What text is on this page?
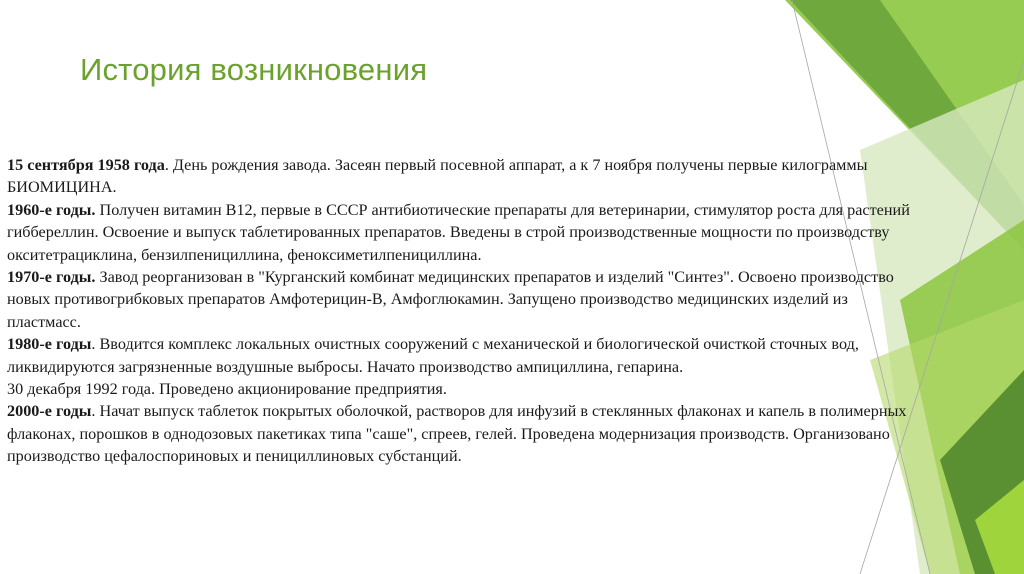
История возникновения

15 сентября 1958 года. День рождения завода. Засеян первый посевной аппарат, а к 7 ноября получены первые килограммы БИОМИЦИНА.

1960-е годы. Получен витамин В12, первые в СССР антибиотические препараты для ветеринарии, стимулятор роста для растений гиббереллин. Освоение и выпуск таблетированных препаратов. Введены в строй производственные мощности по производству окситетрациклина, бензилпенициллина, феноксиметилпенициллина.

1970-е годы. Завод реорганизован в "Курганский комбинат медицинских препаратов и изделий "Синтез". Освоено производство новых противогрибковых препаратов Амфотерицин-В, Амфоглюкамин. Запущено производство медицинских изделий из пластмасс.

1980-е годы. Вводится комплекс локальных очистных сооружений с механической и биологической очисткой сточных вод, ликвидируются загрязненные воздушные выбросы. Начато производство ампициллина, гепарина.

30 декабря 1992 года. Проведено акционирование предприятия.

2000-е годы. Начат выпуск таблеток покрытых оболочкой, растворов для инфузий в стеклянных флаконах и капель в полимерных флаконах, порошков в однодозовых пакетиках типа "саше", спреев, гелей. Проведена модернизация производств. Организовано производство цефалоспориновых и пенициллиновых субстанций.
